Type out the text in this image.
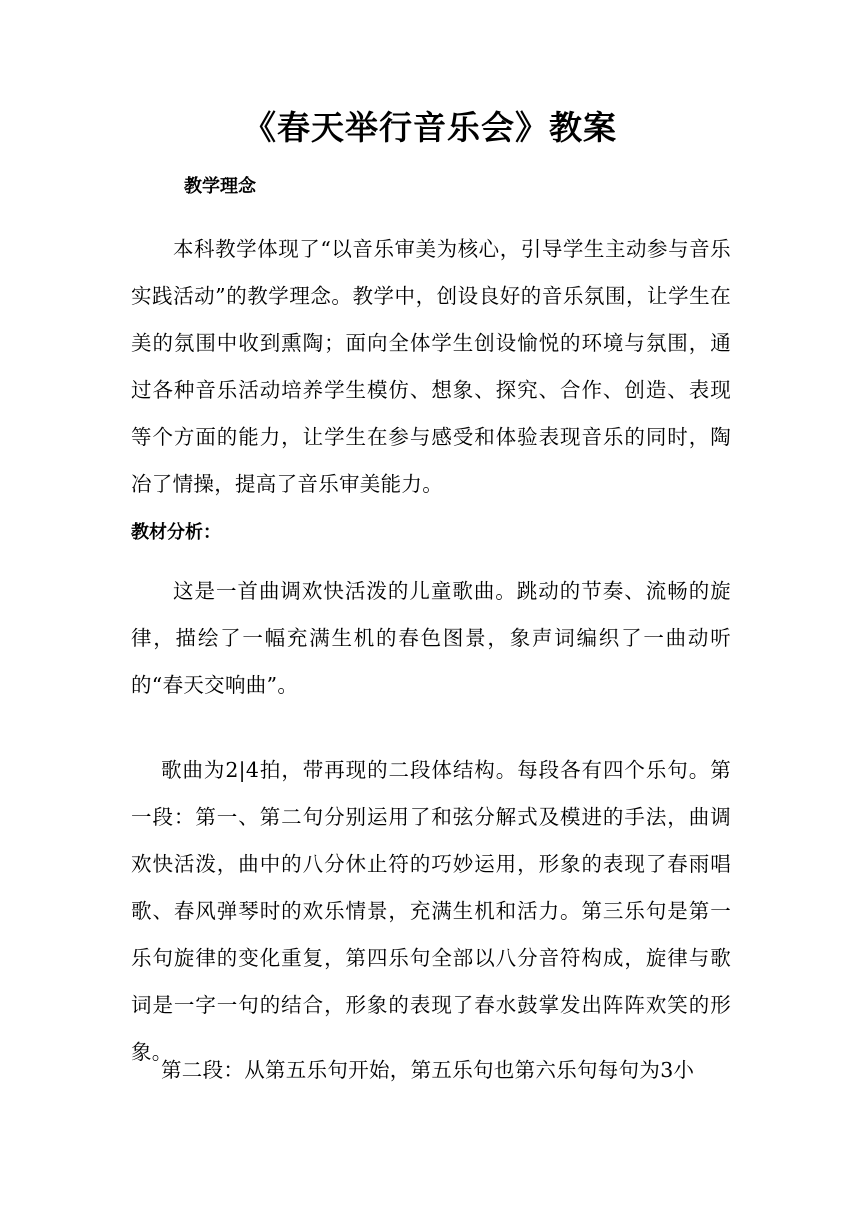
《春天举行音乐会》教案
教学理念

本科教学体现了“以音乐审美为核心，引导学生主动参与音乐实践活动”的教学理念。教学中，创设良好的音乐氛围，让学生在美的氛围中收到熏陶；面向全体学生创设愉悦的环境与氛围，通过各种音乐活动培养学生模仿、想象、探究、合作、创造、表现等个方面的能力，让学生在参与感受和体验表现音乐的同时，陶冶了情操，提高了音乐审美能力。

教材分析：

这是一首曲调欢快活泼的儿童歌曲。跳动的节奏、流畅的旋律，描绘了一幅充满生机的春色图景，象声词编织了一曲动听的“春天交响曲”。

歌曲为2|4拍，带再现的二段体结构。每段各有四个乐句。第一段：第一、第二句分别运用了和弦分解式及模进的手法，曲调欢快活泼，曲中的八分休止符的巧妙运用，形象的表现了春雨唱歌、春风弹琴时的欢乐情景，充满生机和活力。第三乐句是第一乐句旋律的变化重复，第四乐句全部以八分音符构成，旋律与歌词是一字一句的结合，形象的表现了春水鼓掌发出阵阵欢笑的形象。

第二段：从第五乐句开始，第五乐句也第六乐句每句为3小
